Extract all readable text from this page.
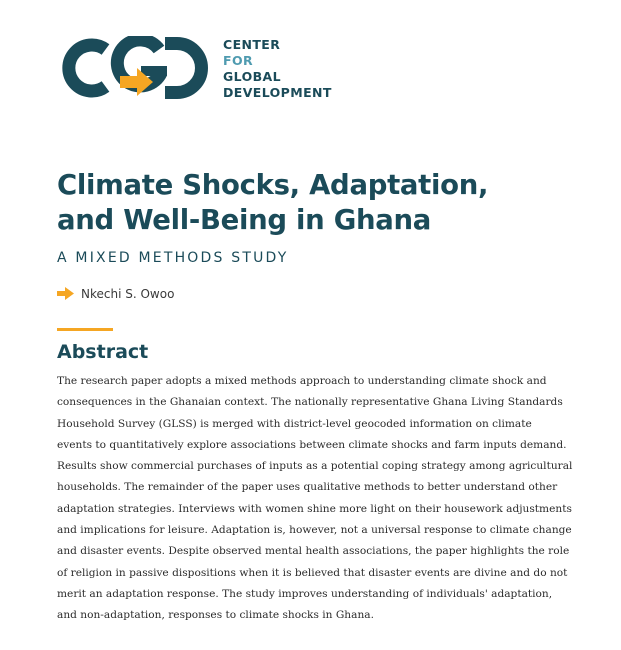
CENTER
FOR
GLOBAL
DEVELOPMENT
Climate Shocks, Adaptation,
and Well-Being in Ghana
A MIXED METHODS STUDY
Nkechi S. Owoo
Abstract
The research paper adopts a mixed methods approach to understanding climate shock and
consequences in the Ghanaian context. The nationally representative Ghana Living Standards
Household Survey (GLSS) is merged with district-level geocoded information on climate
events to quantitatively explore associations between climate shocks and farm inputs demand.
Results show commercial purchases of inputs as a potential coping strategy among agricultural
households. The remainder of the paper uses qualitative methods to better understand other
adaptation strategies. Interviews with women shine more light on their housework adjustments
and implications for leisure. Adaptation is, however, not a universal response to climate change
and disaster events. Despite observed mental health associations, the paper highlights the role
of religion in passive dispositions when it is believed that disaster events are divine and do not
merit an adaptation response. The study improves understanding of individuals' adaptation,
and non-adaptation, responses to climate shocks in Ghana.
